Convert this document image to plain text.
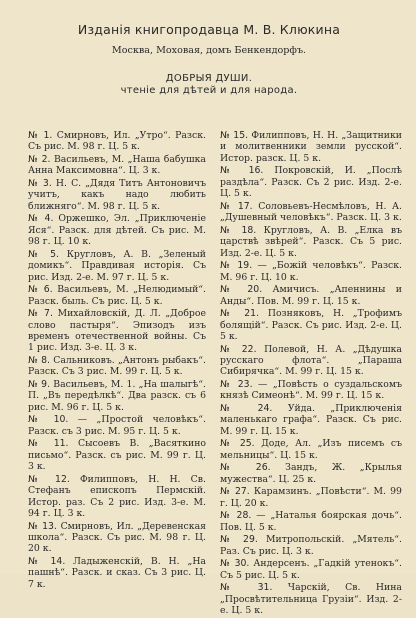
Изданія книгопродавца М. В. Клюкина
Москва, Моховая, домъ Бенкендорфъ.
ДОБРЫЯ ДУШИ.
чтеніе для дѣтей и для народа.
№ 1. Смирновъ, Ил. „Утро“. Разск. Съ рис. М. 98 г. Ц. 5 к.
№ 2. Васильевъ, М. „Наша бабушка Анна Максимовна“. Ц. 3 к.
№ 3. Н. С. „Дядя Титъ Антоновичъ учитъ, какъ надо любить ближняго“. М. 98 г. Ц. 5 к.
№ 4. Оржешко, Эл. „Приключеніе Яся“. Разск. для дѣтей. Съ рис. М. 98 г. Ц. 10 к.
№ 5. Кругловъ, А. В. „Зеленый домикъ“. Правдивая исторія. Съ рис. Изд. 2-е. М. 97 г. Ц. 5 к.
№ 6. Васильевъ, М. „Нелюдимый“. Разск. быль. Съ рис. Ц. 5 к.
№ 7. Михайловскій, Д. Л. „Доброе слово пастыря“. Эпизодъ изъ временъ отечественной войны. Съ 1 рис. Изд. 3-е. Ц. 3 к.
№ 8. Сальниковъ. „Антонъ рыбакъ“. Разск. Съ 3 рис. М. 99 г. Ц. 5 к.
№ 9. Васильевъ, М. 1. „На шалыгѣ“. П. „Въ передѣлкѣ“. Два разск. съ 6 рис. М. 96 г. Ц. 5 к.
№ 10. — „Простой человѣкъ“. Разск. съ 3 рис. М. 95 г. Ц. 5 к.
№ 11. Сысоевъ В. „Васяткино письмо“. Разск. съ рис. М. 99 г. Ц. 3 к.
№ 12. Филипповъ, Н. Н. Св. Стефанъ епископъ Пермскій. Истор. раз. Съ 2 рис. Изд. 3-е. М. 94 г. Ц. 3 к.
№ 13. Смирновъ, Ил. „Деревенская школа“. Разск. Съ рис. М. 98 г. Ц. 20 к.
№ 14. Ладыженскій, В. Н. „На пашнѣ“. Разск. и сказ. Съ 3 рис. Ц. 7 к.
№ 15. Филипповъ, Н. Н. „Защитники и молитвенники земли русской“. Истор. разск. Ц. 5 к.
№ 16. Покровскій, И. „Послѣ раздѣла“. Разск. Съ 2 рис. Изд. 2-е. Ц. 5 к.
№ 17. Соловьевъ-Несмѣловъ, Н. А. „Душевный человѣкъ“. Разск. Ц. 3 к.
№ 18. Кругловъ, А. В. „Елка въ царствѣ звѣрей“. Разск. Съ 5 рис. Изд. 2-е. Ц. 5 к.
№ 19. — „Божій человѣкъ“. Разск. М. 96 г. Ц. 10 к.
№ 20. Амичисъ. „Апеннины и Анды“. Пов. М. 99 г. Ц. 15 к.
№ 21. Позняковъ, Н. „Трофимъ болящій“. Разск. Съ рис. Изд. 2-е. Ц. 5 к.
№ 22. Полевой, Н. А. „Дѣдушка русскаго флота“. „Параша Сибирячка“. М. 99 г. Ц. 15 к.
№ 23. — „Повѣсть о суздальскомъ князѣ Симеонѣ“. М. 99 г. Ц. 15 к.
№ 24. Уйда. „Приключенія маленькаго графа“. Разск. Съ рис. М. 99 г. Ц. 15 к.
№ 25. Доде, Ал. „Изъ писемъ съ мельницы“. Ц. 15 к.
№ 26. Зандъ, Ж. „Крылья мужества“. Ц. 25 к.
№ 27. Карамзинъ. „Повѣсти“. М. 99 г. Ц. 20 к.
№ 28. — „Наталья боярская дочь“. Пов. Ц. 5 к.
№ 29. Митропольскій. „Мятель“. Раз. Съ рис. Ц. 3 к.
№ 30. Андерсенъ. „Гадкій утенокъ“. Съ 5 рис. Ц. 5 к.
№ 31. Чарскій, Св. Нина „Просвѣтительница Грузіи“. Изд. 2-е. Ц. 5 к.
